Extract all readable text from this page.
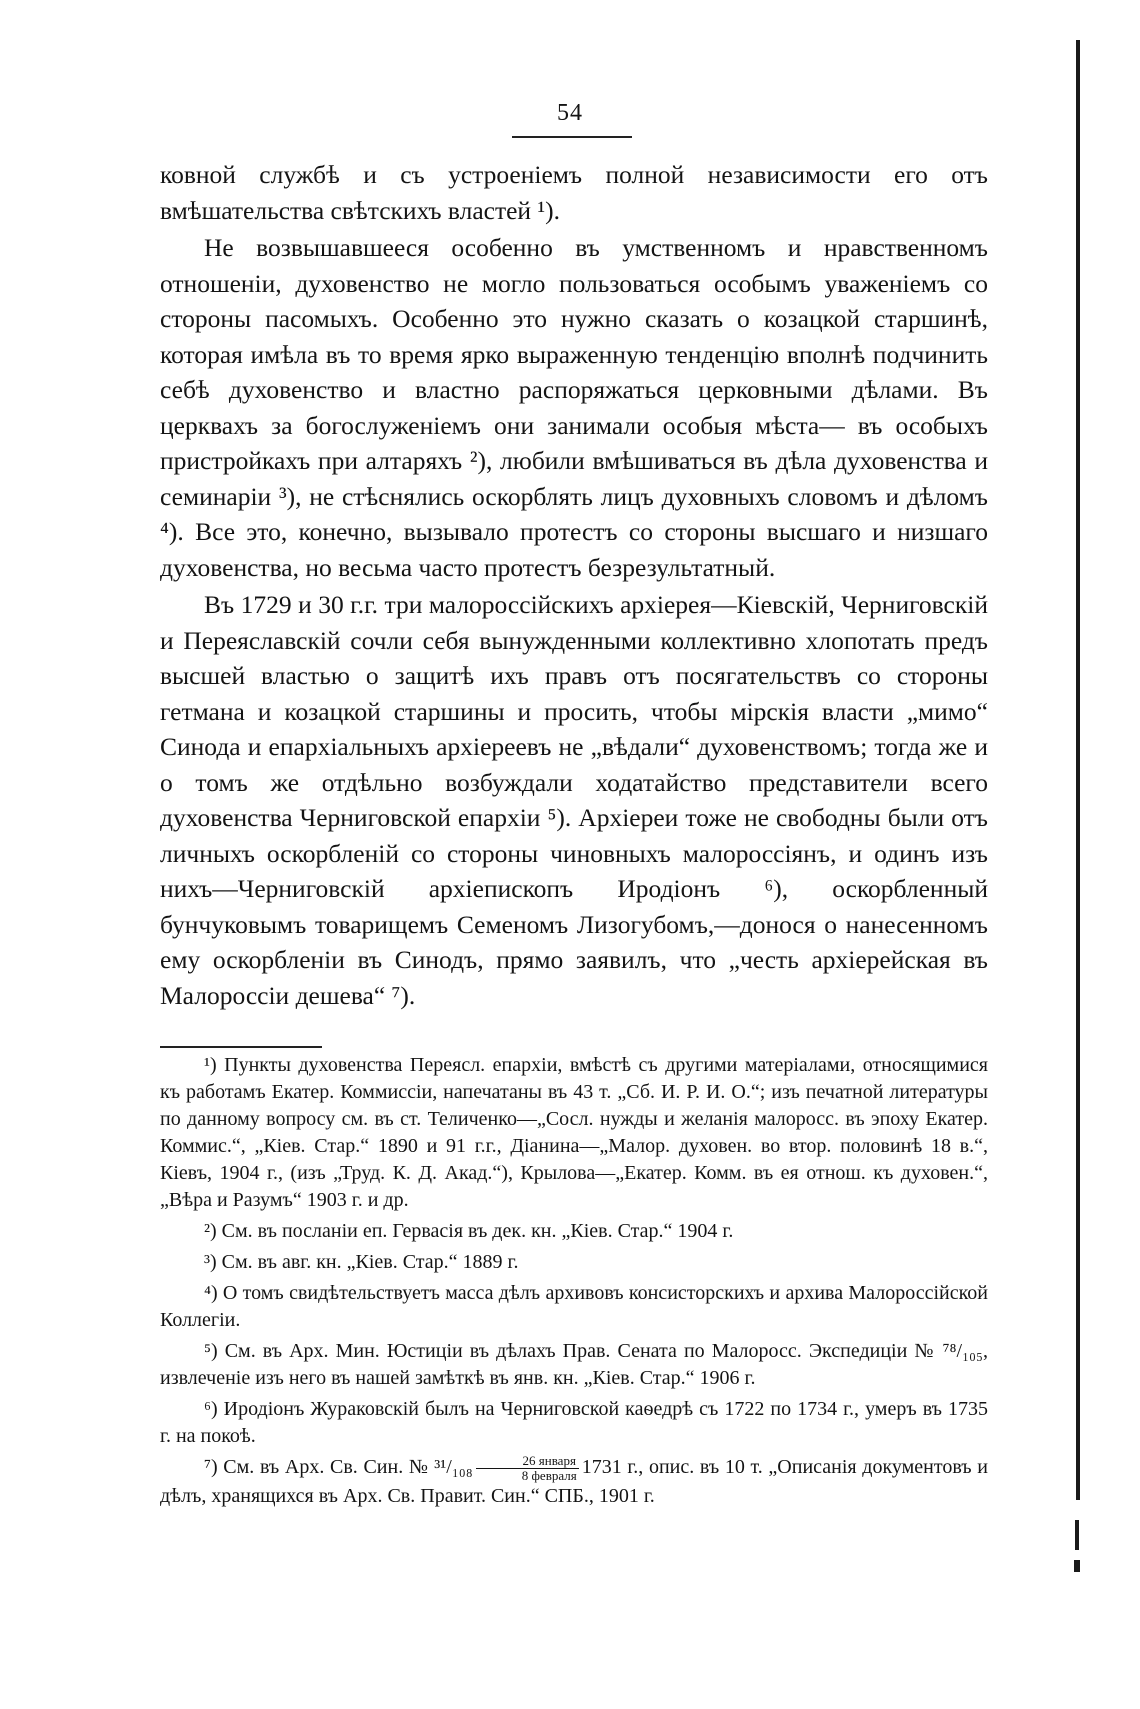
54

ковной службѣ и съ устроеніемъ полной независимости его отъ вмѣшательства свѣтскихъ властей ¹).

Не возвышавшееся особенно въ умственномъ и нравственномъ отношеніи, духовенство не могло пользоваться особымъ уваженіемъ со стороны пасомыхъ. Особенно это нужно сказать о козацкой старшинѣ, которая имѣла въ то время ярко выраженную тенденцію вполнѣ подчинить себѣ духовенство и властно распоряжаться церковными дѣлами. Въ церквахъ за богослуженіемъ они занимали особыя мѣста— въ особыхъ пристройкахъ при алтаряхъ ²), любили вмѣшиваться въ дѣла духовенства и семинаріи ³), не стѣснялись оскорблять лицъ духовныхъ словомъ и дѣломъ ⁴). Все это, конечно, вызывало протестъ со стороны высшаго и низшаго духовенства, но весьма часто протестъ безрезультатный.

Въ 1729 и 30 г.г. три малороссійскихъ архіерея—Кіевскій, Черниговскій и Переяславскій сочли себя вынужденными коллективно хлопотать предъ высшей властью о защитѣ ихъ правъ отъ посягательствъ со стороны гетмана и козацкой старшины и просить, чтобы мірскія власти „мимо“ Синода и епархіальныхъ архіереевъ не „вѣдали“ духовенствомъ; тогда же и о томъ же отдѣльно возбуждали ходатайство представители всего духовенства Черниговской епархіи ⁵). Архіереи тоже не свободны были отъ личныхъ оскорбленій со стороны чиновныхъ малороссіянъ, и одинъ изъ нихъ—Черниговскій архіепископъ Иродіонъ ⁶), оскорбленный бунчуковымъ товарищемъ Семеномъ Лизогубомъ,—донося о нанесенномъ ему оскорбленіи въ Синодъ, прямо заявилъ, что „честь архіерейская въ Малороссіи дешева“ ⁷).

¹) Пункты духовенства Переясл. епархіи, вмѣстѣ съ другими матеріалами, относящимися къ работамъ Екатер. Коммиссіи, напечатаны въ 43 т. „Сб. И. Р. И. О.“; изъ печатной литературы по данному вопросу см. въ ст. Теличенко—„Сосл. нужды и желанія малоросс. въ эпоху Екатер. Коммис.“, „Кіев. Стар.“ 1890 и 91 г.г., Діанина—„Малор. духовен. во втор. половинѣ 18 в.“, Кіевъ, 1904 г., (изъ „Труд. К. Д. Акад.“), Крылова—„Екатер. Комм. въ ея отнош. къ духовен.“, „Вѣра и Разумъ“ 1903 г. и др.

²) См. въ посланіи еп. Гервасія въ дек. кн. „Кіев. Стар.“ 1904 г.

³) См. въ авг. кн. „Кіев. Стар.“ 1889 г.

⁴) О томъ свидѣтельствуетъ масса дѣлъ архивовъ консисторскихъ и архива Малороссійской Коллегіи.

⁵) См. въ Арх. Мин. Юстиціи въ дѣлахъ Прав. Сената по Малоросс. Экспедиціи № ⁷⁸/₁₀₅, извлеченіе изъ него въ нашей замѣткѣ въ янв. кн. „Кіев. Стар.“ 1906 г.

⁶) Иродіонъ Жураковскій былъ на Черниговской каѳедрѣ съ 1722 по 1734 г., умеръ въ 1735 г. на покоѣ.

⁷) См. въ Арх. Св. Син. № $^{31}/_{108} \frac{\text{26 января}}{\text{8 февраля}} 1731$ г., опис. въ 10 т. „Описанія документовъ и дѣлъ, хранящихся въ Арх. Св. Правит. Син.“ СПБ., 1901 г.
